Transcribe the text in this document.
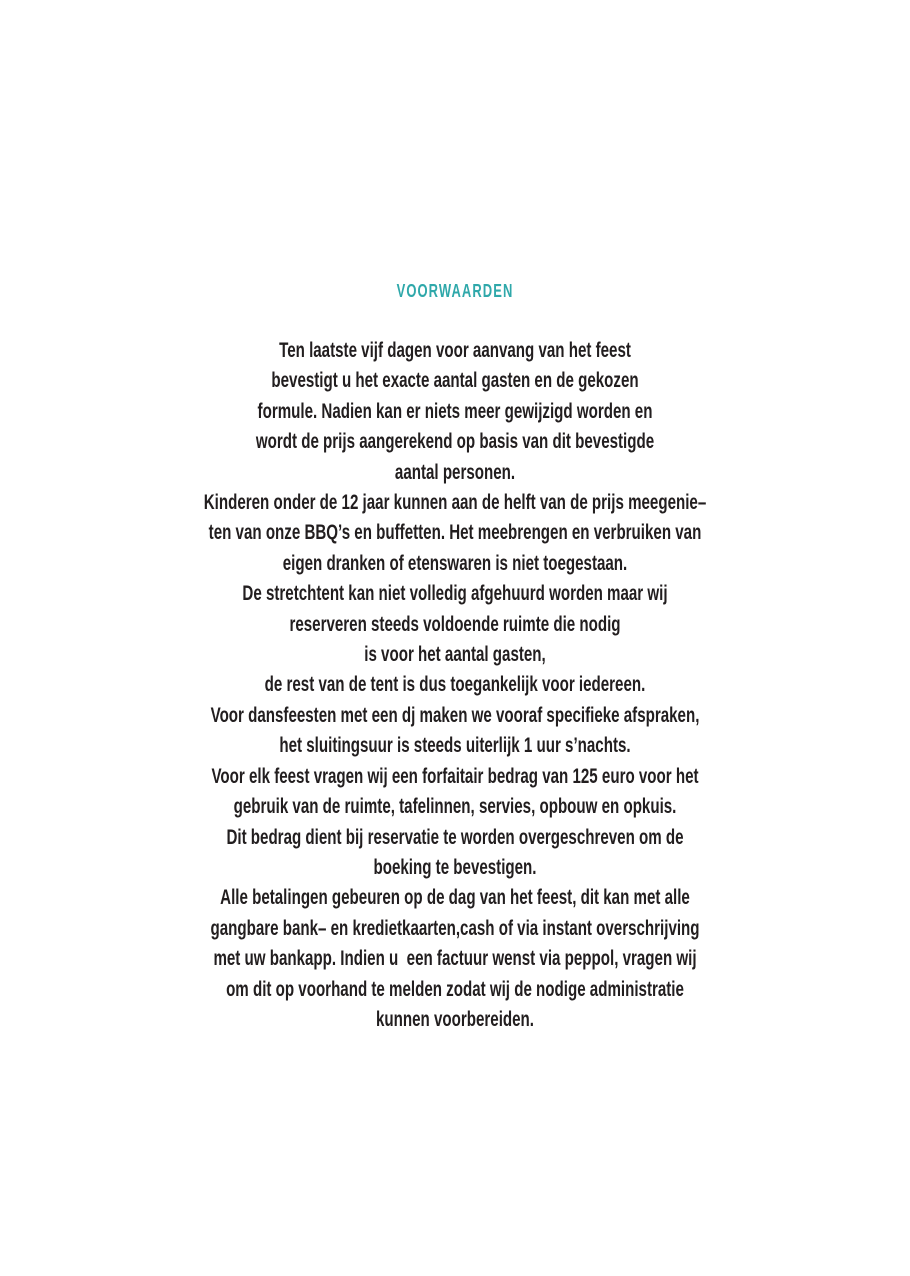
VOORWAARDEN
Ten laatste vijf dagen voor aanvang van het feest
bevestigt u het exacte aantal gasten en de gekozen
formule. Nadien kan er niets meer gewijzigd worden en
wordt de prijs aangerekend op basis van dit bevestigde
aantal personen.
Kinderen onder de 12 jaar kunnen aan de helft van de prijs meegenie–
ten van onze BBQ’s en buffetten. Het meebrengen en verbruiken van
eigen dranken of etenswaren is niet toegestaan.
De stretchtent kan niet volledig afgehuurd worden maar wij
reserveren steeds voldoende ruimte die nodig
is voor het aantal gasten,
de rest van de tent is dus toegankelijk voor iedereen.
Voor dansfeesten met een dj maken we vooraf specifieke afspraken,
het sluitingsuur is steeds uiterlijk 1 uur s’nachts.
Voor elk feest vragen wij een forfaitair bedrag van 125 euro voor het
gebruik van de ruimte, tafelinnen, servies, opbouw en opkuis.
Dit bedrag dient bij reservatie te worden overgeschreven om de
boeking te bevestigen.
Alle betalingen gebeuren op de dag van het feest, dit kan met alle
gangbare bank– en kredietkaarten,cash of via instant overschrijving
met uw bankapp. Indien u  een factuur wenst via peppol, vragen wij
om dit op voorhand te melden zodat wij de nodige administratie
kunnen voorbereiden.
